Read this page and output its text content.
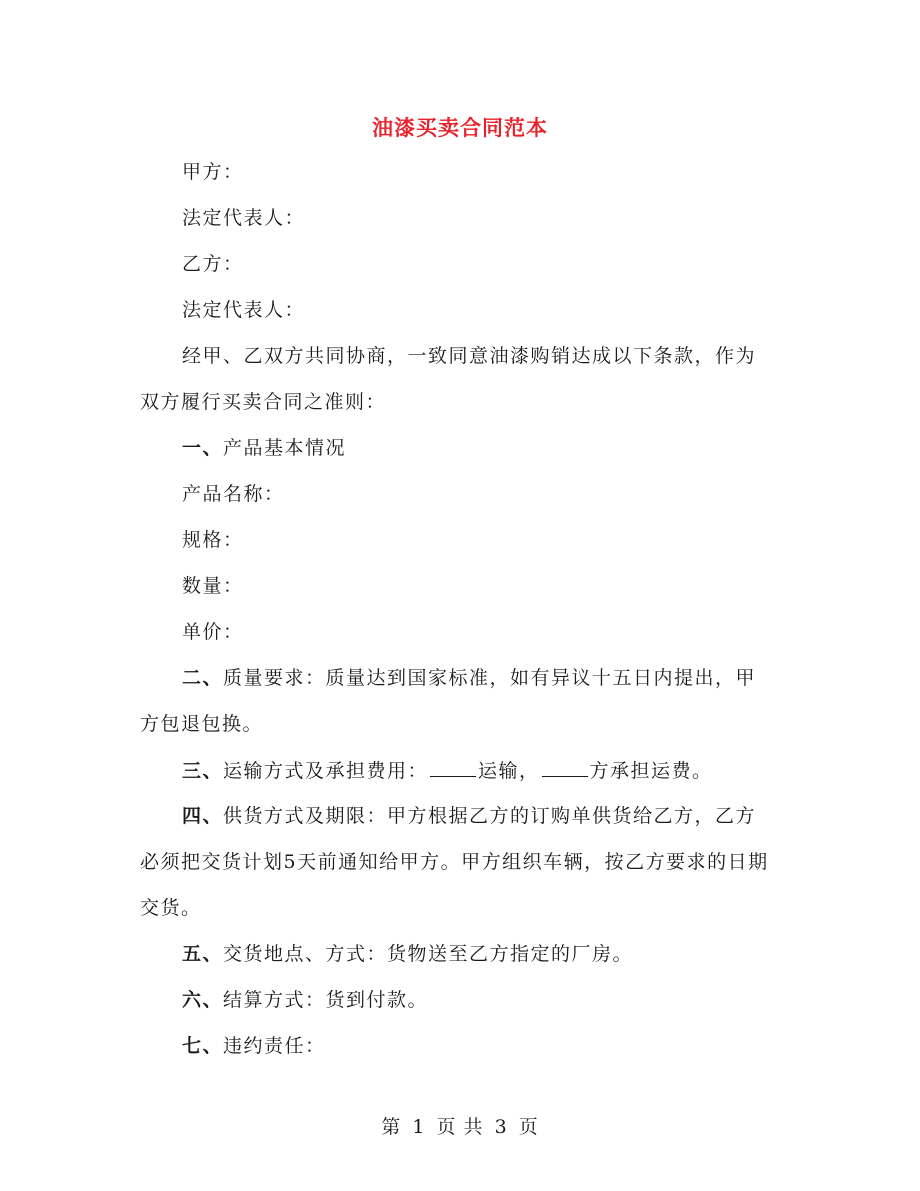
油漆买卖合同范本
甲方：
法定代表人：
乙方：
法定代表人：
经甲、乙双方共同协商，一致同意油漆购销达成以下条款，作为
双方履行买卖合同之准则：
一、产品基本情况
产品名称：
规格：
数量：
单价：
二、质量要求：质量达到国家标准，如有异议十五日内提出，甲
方包退包换。
三、运输方式及承担费用：	运输，	方承担运费。
四、供货方式及期限：甲方根据乙方的订购单供货给乙方，乙方
必须把交货计划5天前通知给甲方。甲方组织车辆，按乙方要求的日期
交货。
五、交货地点、方式：货物送至乙方指定的厂房。
六、结算方式：货到付款。
七、违约责任：
第 1 页 共 3 页
